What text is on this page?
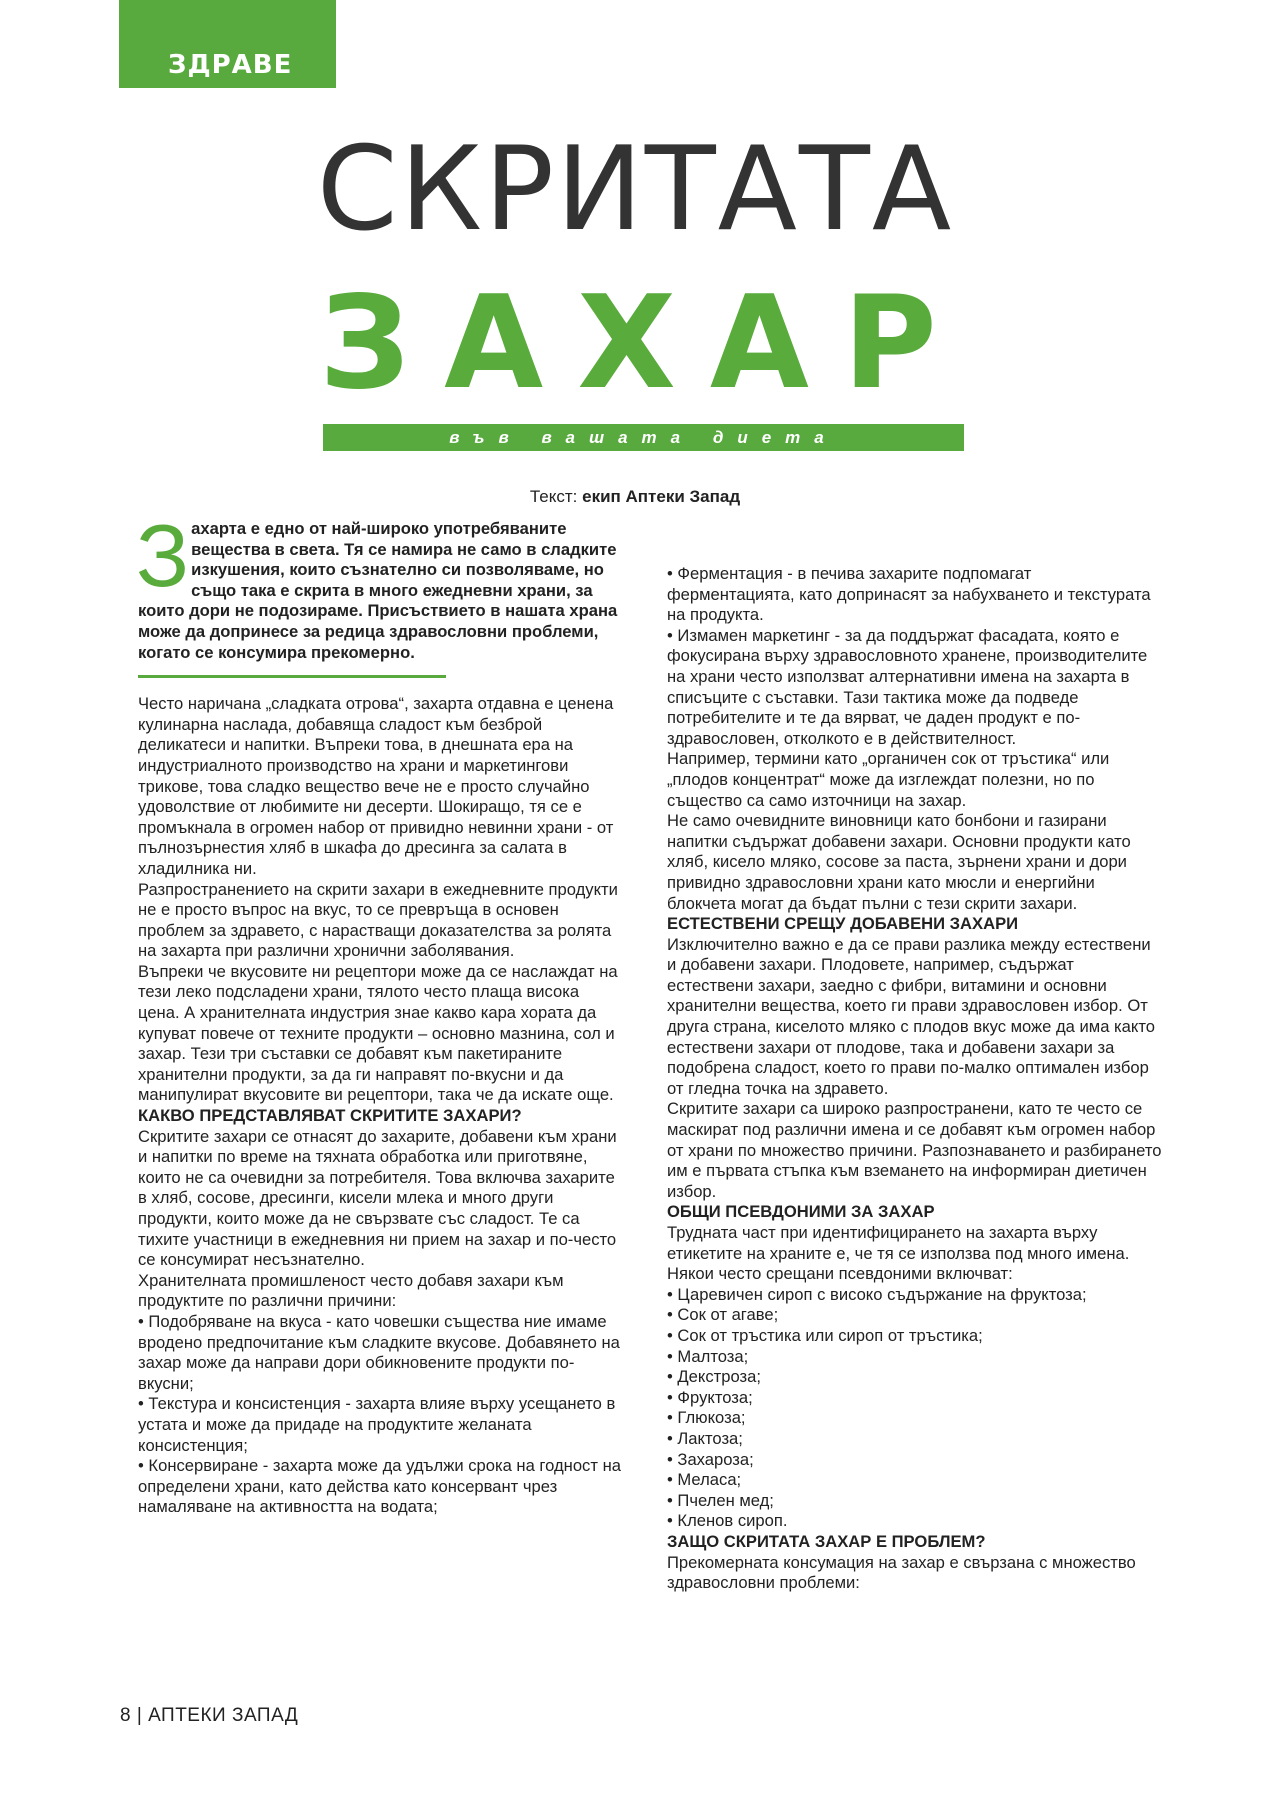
ЗДРАВЕ
СКРИТАТА
ЗАХАР
във вашата диета
Текст: екип Аптеки Запад

Захарта е едно от най-широко употребяваните вещества в света. Тя се намира не само в сладките изкушения, които съзнателно си позволяваме, но също така е скрита в много ежедневни храни, за които дори не подозираме. Присъствието в нашата храна може да допринесе за редица здравословни проблеми, когато се консумира прекомерно.

Често наричана „сладката отрова“, захарта отдавна е ценена кулинарна наслада, добавяща сладост към безброй деликатеси и напитки. Въпреки това, в днешната ера на индустриалното производство на храни и маркетингови трикове, това сладко вещество вече не е просто случайно удоволствие от любимите ни десерти. Шокиращо, тя се е промъкнала в огромен набор от привидно невинни храни - от пълнозърнестия хляб в шкафа до дресинга за салата в хладилника ни.

Разпространението на скрити захари в ежедневните продукти не е просто въпрос на вкус, то се превръща в основен проблем за здравето, с нарастващи доказателства за ролята на захарта при различни хронични заболявания.

Въпреки че вкусовите ни рецептори може да се наслаждат на тези леко подсладени храни, тялото често плаща висока цена. А хранителната индустрия знае какво кара хората да купуват повече от техните продукти – основно мазнина, сол и захар. Тези три съставки се добавят към пакетираните хранителни продукти, за да ги направят по-вкусни и да манипулират вкусовите ви рецептори, така че да искате още.

КАКВО ПРЕДСТАВЛЯВАТ СКРИТИТЕ ЗАХАРИ?

Скритите захари се отнасят до захарите, добавени към храни и напитки по време на тяхната обработка или приготвяне, които не са очевидни за потребителя. Това включва захарите в хляб, сосове, дресинги, кисели млека и много други продукти, които може да не свързвате със сладост. Те са тихите участници в ежедневния ни прием на захар и по-често се консумират несъзнателно.

Хранителната промишленост често добавя захари към продуктите по различни причини:

• Подобряване на вкуса - като човешки същества ние имаме вродено предпочитание към сладките вкусове. Добавянето на захар може да направи дори обикновените продукти по-вкусни;

• Текстура и консистенция - захарта влияе върху усещането в устата и може да придаде на продуктите желаната консистенция;

• Консервиране - захарта може да удължи срока на годност на определени храни, като действа като консервант чрез намаляване на активността на водата;

• Ферментация - в печива захарите подпомагат ферментацията, като допринасят за набухването и текстурата на продукта.

• Измамен маркетинг - за да поддържат фасадата, която е фокусирана върху здравословното хранене, производителите на храни често използват алтернативни имена на захарта в списъците с съставки. Тази тактика може да подведе потребителите и те да вярват, че даден продукт е по-здравословен, отколкото е в действителност.

Например, термини като „органичен сок от тръстика“ или „плодов концентрат“ може да изглеждат полезни, но по същество са само източници на захар.

Не само очевидните виновници като бонбони и газирани напитки съдържат добавени захари. Основни продукти като хляб, кисело мляко, сосове за паста, зърнени храни и дори привидно здравословни храни като мюсли и енергийни блокчета могат да бъдат пълни с тези скрити захари.

ЕСТЕСТВЕНИ СРЕЩУ ДОБАВЕНИ ЗАХАРИ

Изключително важно е да се прави разлика между естествени и добавени захари. Плодовете, например, съдържат естествени захари, заедно с фибри, витамини и основни хранителни вещества, което ги прави здравословен избор. От друга страна, киселото мляко с плодов вкус може да има както естествени захари от плодове, така и добавени захари за подобрена сладост, което го прави по-малко оптимален избор от гледна точка на здравето.

Скритите захари са широко разпространени, като те често се маскират под различни имена и се добавят към огромен набор от храни по множество причини. Разпознаването и разбирането им е първата стъпка към вземането на информиран диетичен избор.

ОБЩИ ПСЕВДОНИМИ ЗА ЗАХАР

Трудната част при идентифицирането на захарта върху етикетите на храните е, че тя се използва под много имена. Някои често срещани псевдоними включват:

• Царевичен сироп с високо съдържание на фруктоза;

• Сок от агаве;

• Сок от тръстика или сироп от тръстика;

• Малтоза;

• Декстроза;

• Фруктоза;

• Глюкоза;

• Лактоза;

• Захароза;

• Меласа;

• Пчелен мед;

• Кленов сироп.

ЗАЩО СКРИТАТА ЗАХАР Е ПРОБЛЕМ?

Прекомерната консумация на захар е свързана с множество здравословни проблеми:

8 | АПТЕКИ ЗАПАД
